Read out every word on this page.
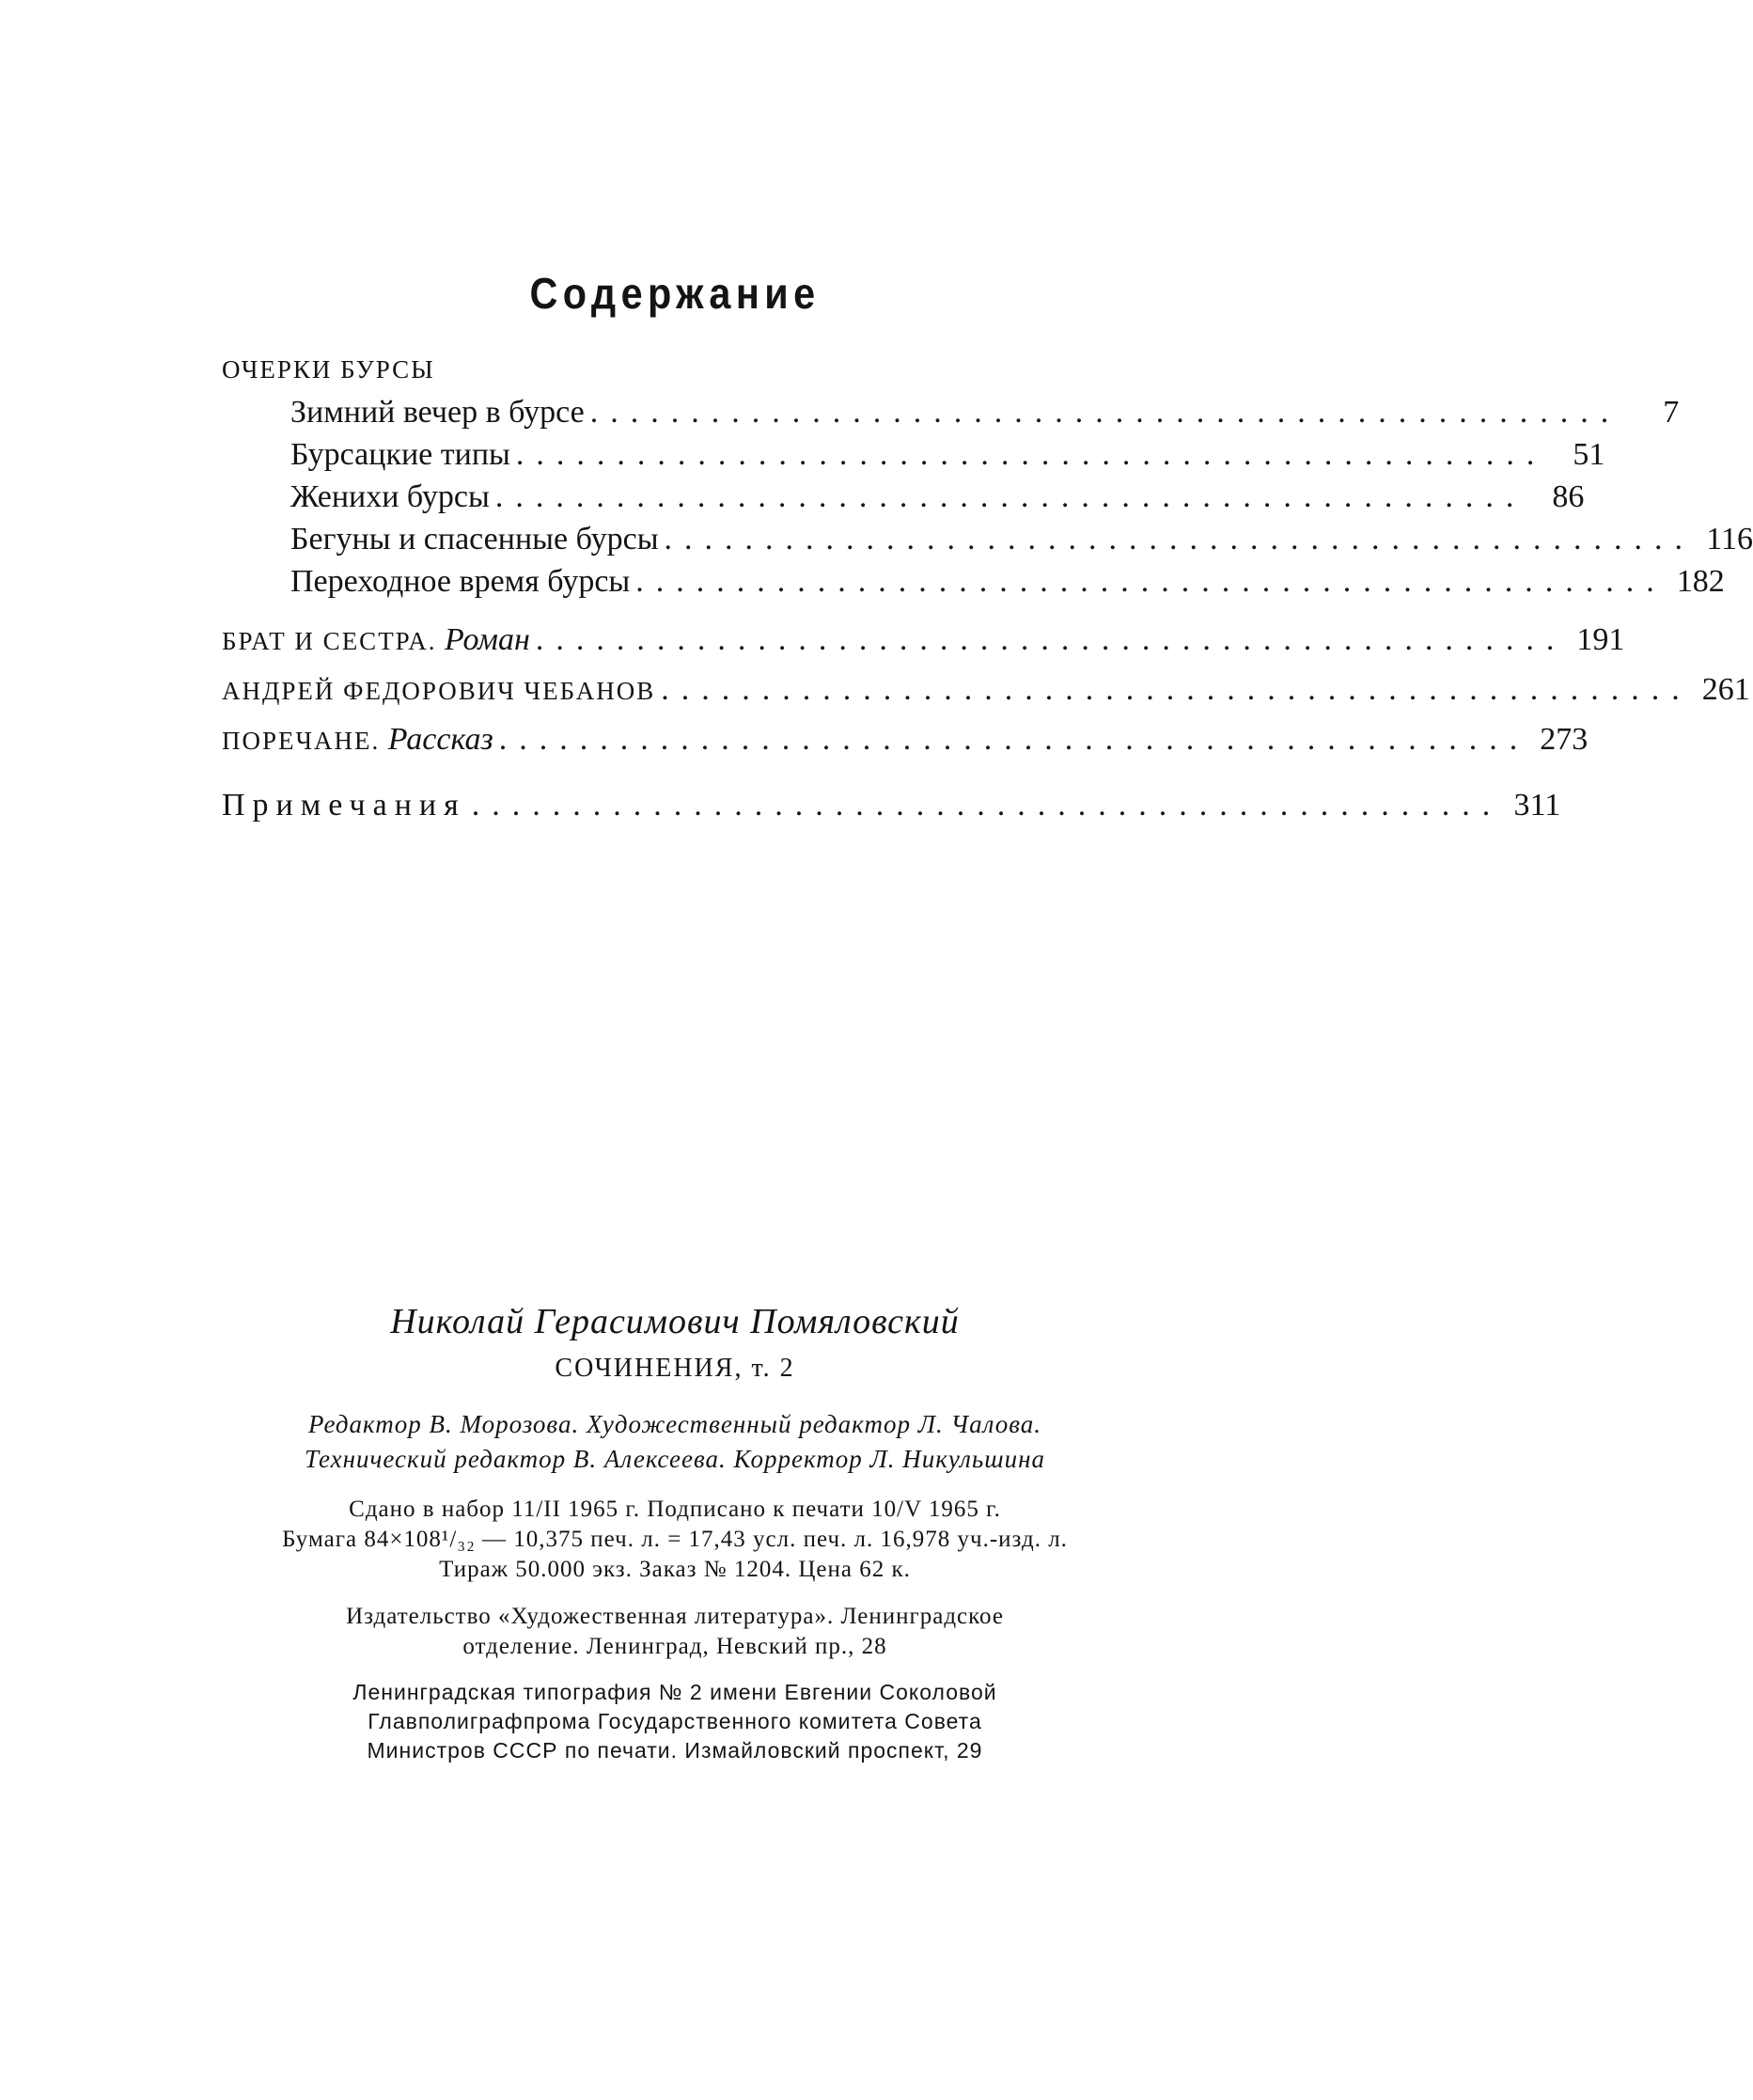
Содержание
ОЧЕРКИ БУРСЫ
Зимний вечер в бурсе ...................................................	7
Бурсацкие типы ................................................... 51
Женихи бурсы ................................................... 86
Бегуны и спасенные бурсы ................................................... 116
Переходное время бурсы ................................................... 182
БРАТ И СЕСТРА. Роман ................................................... 191
АНДРЕЙ ФЕДОРОВИЧ ЧЕБАНОВ ................................................... 261
ПОРЕЧАНЕ. Рассказ ................................................... 273
Примечания ................................................... 311
Николай Герасимович Помяловский
СОЧИНЕНИЯ, т. 2
Редактор В. Морозова. Художественный редактор Л. Чалова.
Технический редактор В. Алексеева. Корректор Л. Никульшина
Сдано в набор 11/II 1965 г. Подписано к печати 10/V 1965 г.
Бумага 84×108¹/₃₂ — 10,375 печ. л. = 17,43 усл. печ. л. 16,978 уч.-изд. л.
Тираж 50.000 экз. Заказ № 1204. Цена 62 к.
Издательство «Художественная литература». Ленинградское
отделение. Ленинград, Невский пр., 28
Ленинградская типография № 2 имени Евгении Соколовой
Главполиграфпрома Государственного комитета Совета
Министров СССР по печати. Измайловский проспект, 29
